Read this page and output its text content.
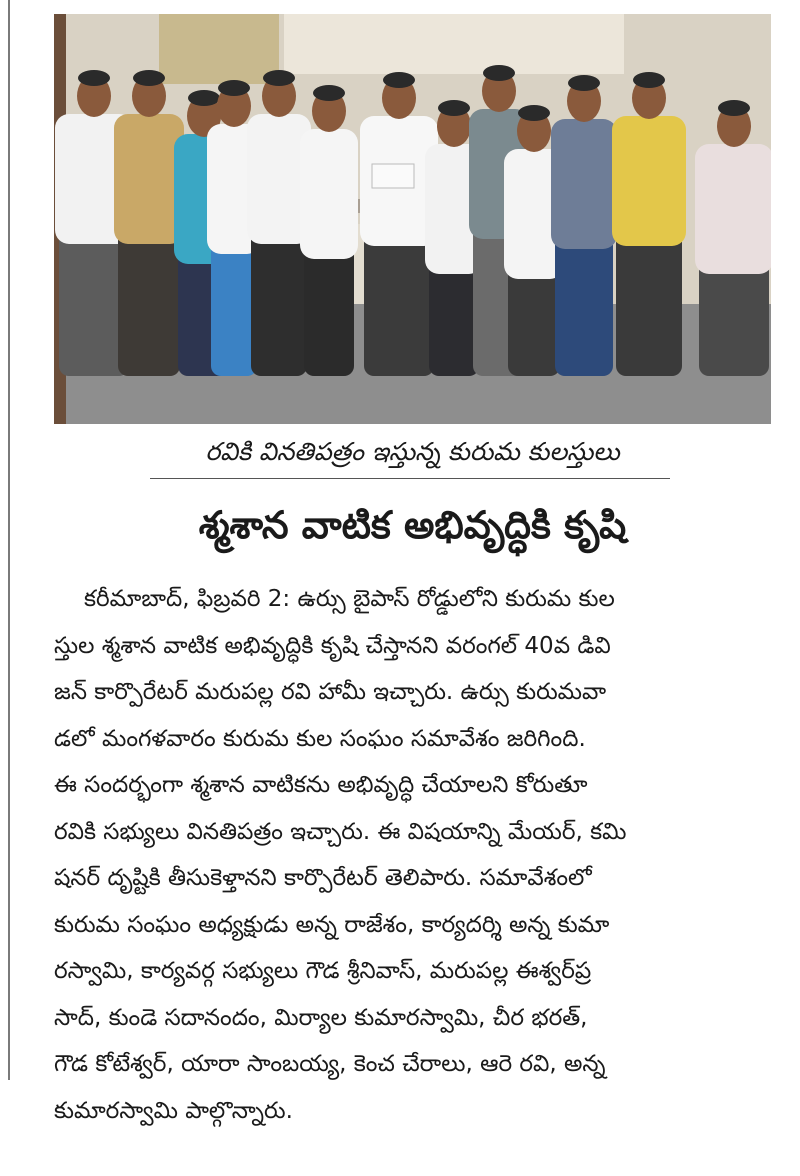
రవికి వినతిపత్రం ఇస్తున్న కురుమ కులస్తులు
శ్మశాన వాటిక అభివృద్ధికి కృషి
కరీమాబాద్, ఫిబ్రవరి 2: ఉర్సు బైపాస్ రోడ్డులోని కురుమ కుల
స్తుల శ్మశాన వాటిక అభివృద్ధికి కృషి చేస్తానని వరంగల్ 40వ డివి
జన్ కార్పొరేటర్ మరుపల్ల రవి హామీ ఇచ్చారు. ఉర్సు కురుమవా
డలో మంగళవారం కురుమ కుల సంఘం సమావేశం జరిగింది.
ఈ సందర్భంగా శ్మశాన వాటికను అభివృద్ధి చేయాలని కోరుతూ
రవికి సభ్యులు వినతిపత్రం ఇచ్చారు. ఈ విషయాన్ని మేయర్, కమి
షనర్ దృష్టికి తీసుకెళ్తానని కార్పొరేటర్ తెలిపారు. సమావేశంలో
కురుమ సంఘం అధ్యక్షుడు అన్న రాజేశం, కార్యదర్శి అన్న కుమా
రస్వామి, కార్యవర్గ సభ్యులు గౌడ శ్రీనివాస్, మరుపల్ల ఈశ్వర్‌ప్ర
సాద్, కుండె సదానందం, మిర్యాల కుమారస్వామి, చీర భరత్,
గౌడ కోటేశ్వర్, యారా సాంబయ్య, కెంచ చేరాలు, ఆరె రవి, అన్న
కుమారస్వామి పాల్గొన్నారు.
